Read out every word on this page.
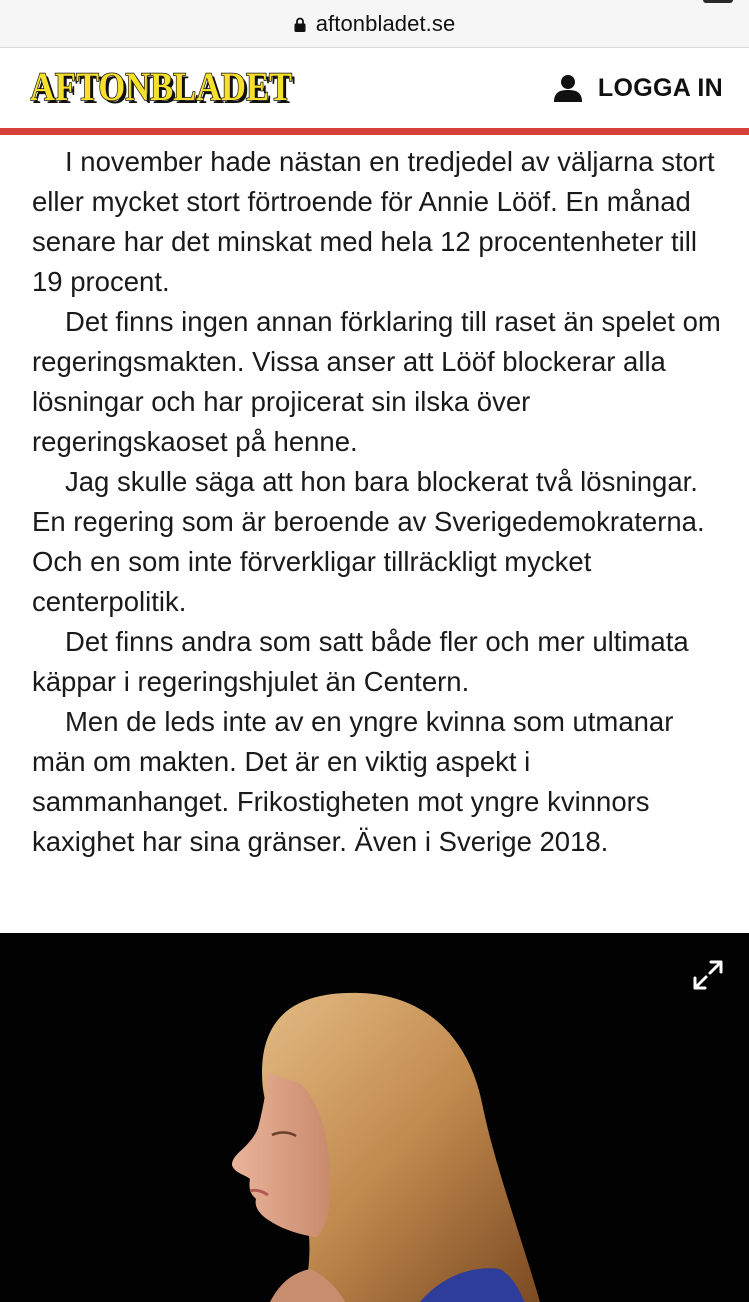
aftonbladet.se
AFTONBLADET
AFTONBLADET	LOGGA IN

I november hade nästan en tredjedel av väljarna stort eller mycket stort förtroende för Annie Lööf. En månad senare har det minskat med hela 12 procentenheter till 19 procent.

Det finns ingen annan förklaring till raset än spelet om regeringsmakten. Vissa anser att Lööf blockerar alla lösningar och har projicerat sin ilska över regeringskaoset på henne.

Jag skulle säga att hon bara blockerat två lösningar. En regering som är beroende av Sverigedemokraterna. Och en som inte förverkligar tillräckligt mycket centerpolitik.

Det finns andra som satt både fler och mer ultimata käppar i regeringshjulet än Centern.

Men de leds inte av en yngre kvinna som utmanar män om makten. Det är en viktig aspekt i sammanhanget. Frikostigheten mot yngre kvinnors kaxighet har sina gränser. Även i Sverige 2018.
